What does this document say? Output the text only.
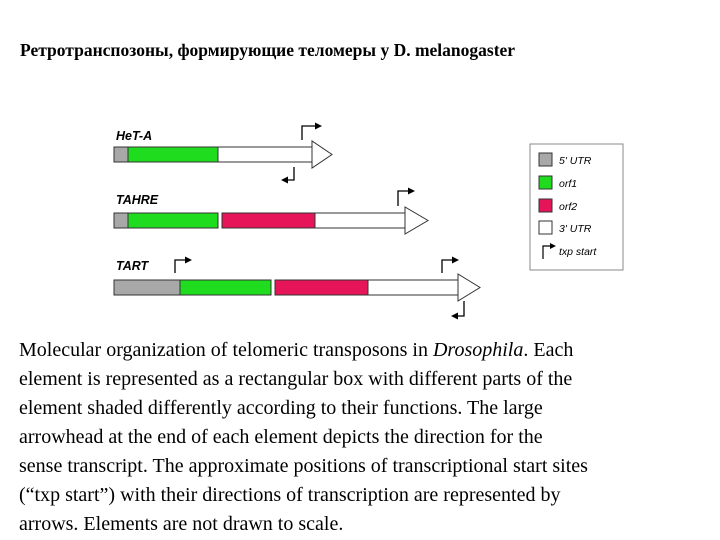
Ретротранспозоны, формирующие теломеры у D. melanogaster
HeT-A
TAHRE
TART
5' UTR
orf1
orf2
3' UTR
txp start

Molecular organization of telomeric transposons in Drosophila. Each

element is represented as a rectangular box with different parts of the

element shaded differently according to their functions. The large

arrowhead at the end of each element depicts the direction for the

sense transcript. The approximate positions of transcriptional start sites

(“txp start”) with their directions of transcription are represented by

arrows. Elements are not drawn to scale.
